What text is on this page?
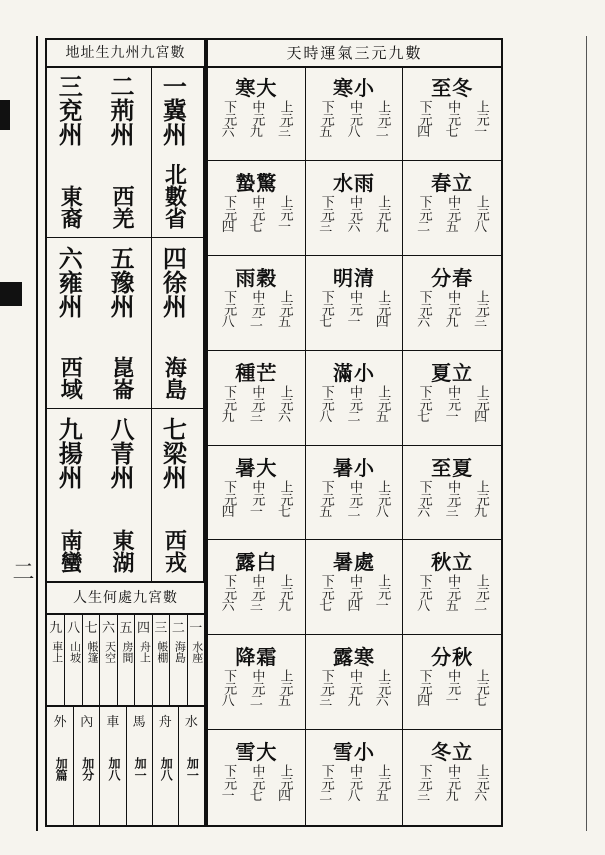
二
天時運氣三元九數
寒大
上元
三
中元
九
下元
六
寒小
上元
二
中元
八
下元
五
至冬
上元
一
中元
七
下元
四
蟄驚
上元
一
中元
七
下元
四
水雨
上元
九
中元
六
下元
三
春立
上元
八
中元
五
下元
二
雨穀
上元
五
中元
二
下元
八
明清
上元
四
中元
一
下元
七
分春
上元
三
中元
九
下元
六
種芒
上元
六
中元
三
下元
九
滿小
上元
五
中元
二
下元
八
夏立
上元
四
中元
一
下元
七
暑大
上元
七
中元
一
下元
四
暑小
上元
八
中元
二
下元
五
至夏
上元
九
中元
三
下元
六
露白
上元
九
中元
三
下元
六
暑處
上元
一
中元
四
下元
七
秋立
上元
二
中元
五
下元
八
降霜
上元
五
中元
二
下元
八
露寒
上元
六
中元
九
下元
三
分秋
上元
七
中元
一
下元
四
雪大
上元
四
中元
七
下元
一
雪小
上元
五
中元
八
下元
二
冬立
上元
六
中元
九
下元
三
地址生九州九宮數
一冀州
北數省
二荊州
西羌
三兗州
東裔
四徐州
海島
五豫州
崑崙
六雍州
西域
七梁州
西戎
八青州
東湖
九揚州
南蠻
人生何處九宮數
一
水座
二
海島
三
帳棚
四
舟上
五
房間
六
天空
七
帳篷
八
山坡
九
車上
水
加一
舟
加八
馬
加一
車
加八
內
加分
外
加篇
